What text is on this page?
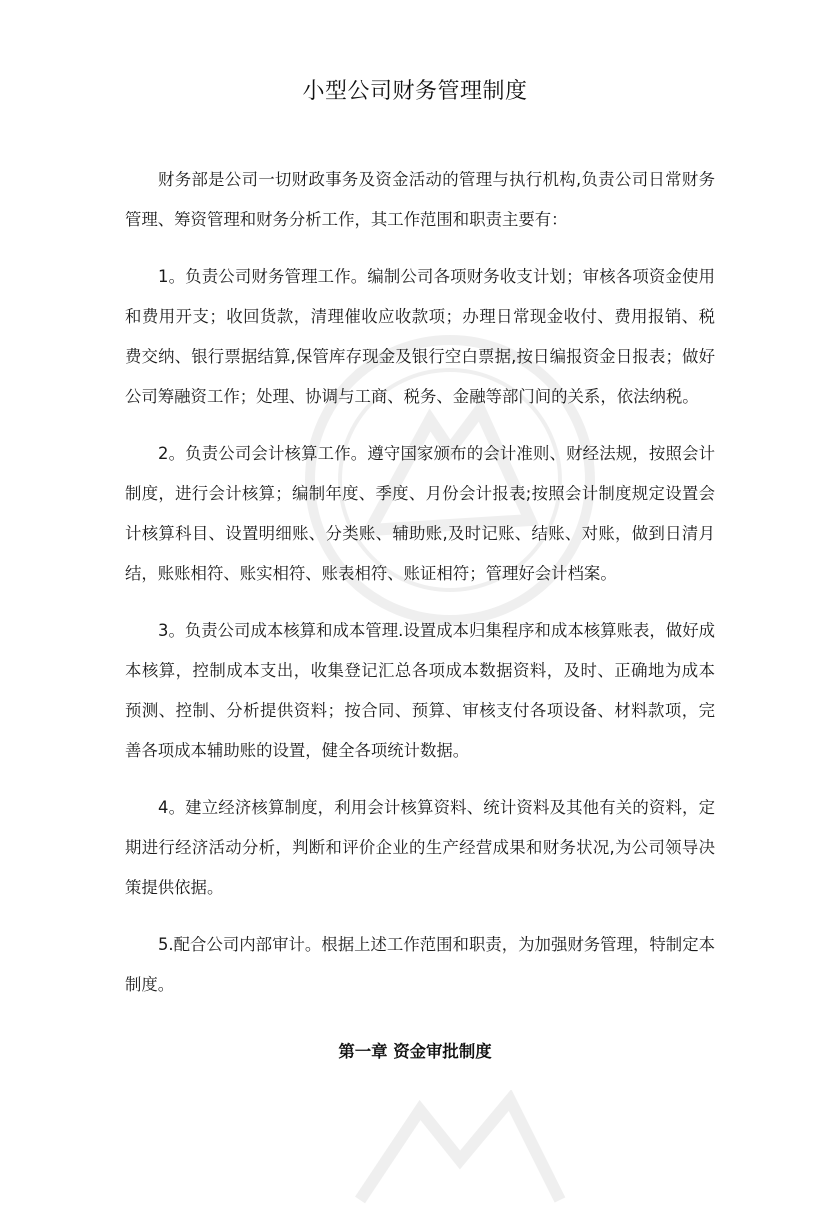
小型公司财务管理制度

财务部是公司一切财政事务及资金活动的管理与执行机构,负责公司日常财务管理、筹资管理和财务分析工作，其工作范围和职责主要有：

1。负责公司财务管理工作。编制公司各项财务收支计划；审核各项资金使用和费用开支；收回货款，清理催收应收款项；办理日常现金收付、费用报销、税费交纳、银行票据结算,保管库存现金及银行空白票据,按日编报资金日报表；做好公司筹融资工作；处理、协调与工商、税务、金融等部门间的关系，依法纳税。

2。负责公司会计核算工作。遵守国家颁布的会计准则、财经法规，按照会计制度，进行会计核算；编制年度、季度、月份会计报表;按照会计制度规定设置会计核算科目、设置明细账、分类账、辅助账,及时记账、结账、对账，做到日清月结，账账相符、账实相符、账表相符、账证相符；管理好会计档案。

3。负责公司成本核算和成本管理.设置成本归集程序和成本核算账表，做好成本核算，控制成本支出，收集登记汇总各项成本数据资料，及时、正确地为成本预测、控制、分析提供资料；按合同、预算、审核支付各项设备、材料款项，完善各项成本辅助账的设置，健全各项统计数据。

4。建立经济核算制度，利用会计核算资料、统计资料及其他有关的资料，定期进行经济活动分析，判断和评价企业的生产经营成果和财务状况,为公司领导决策提供依据。

5.配合公司内部审计。根据上述工作范围和职责，为加强财务管理，特制定本制度。

第一章 资金审批制度
